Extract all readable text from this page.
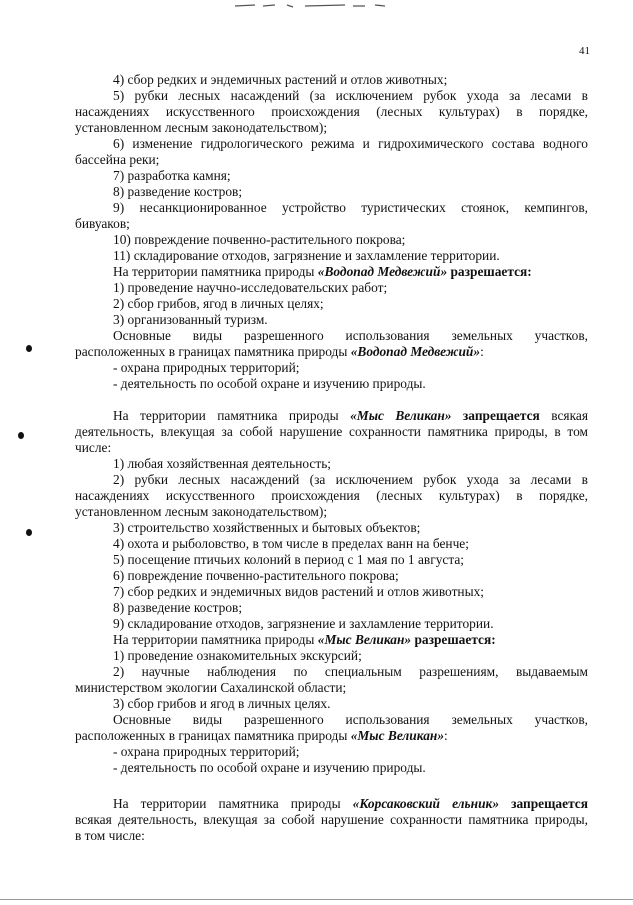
41
4) сбор редких и эндемичных растений и отлов животных;
5) рубки лесных насаждений (за исключением рубок ухода за лесами в
насаждениях искусственного происхождения (лесных культурах) в порядке,
установленном лесным законодательством);
6) изменение гидрологического режима и гидрохимического состава водного
бассейна реки;
7) разработка камня;
8) разведение костров;
9) несанкционированное устройство туристических стоянок, кемпингов,
бивуаков;
10) повреждение почвенно-растительного покрова;
11) складирование отходов, загрязнение и захламление территории.
На территории памятника природы «Водопад Медвежий» разрешается:
1) проведение научно-исследовательских работ;
2) сбор грибов, ягод в личных целях;
3) организованный туризм.
Основные виды разрешенного использования земельных участков,
расположенных в границах памятника природы «Водопад Медвежий»:
- охрана природных территорий;
- деятельность по особой охране и изучению природы.
На территории памятника природы «Мыс Великан» запрещается всякая
деятельность, влекущая за собой нарушение сохранности памятника природы, в том
числе:
1) любая хозяйственная деятельность;
2) рубки лесных насаждений (за исключением рубок ухода за лесами в
насаждениях искусственного происхождения (лесных культурах) в порядке,
установленном лесным законодательством);
3) строительство хозяйственных и бытовых объектов;
4) охота и рыболовство, в том числе в пределах ванн на бенче;
5) посещение птичьих колоний в период с 1 мая по 1 августа;
6) повреждение почвенно-растительного покрова;
7) сбор редких и эндемичных видов растений и отлов животных;
8) разведение костров;
9) складирование отходов, загрязнение и захламление территории.
На территории памятника природы «Мыс Великан» разрешается:
1) проведение ознакомительных экскурсий;
2) научные наблюдения по специальным разрешениям, выдаваемым
министерством экологии Сахалинской области;
3) сбор грибов и ягод в личных целях.
Основные виды разрешенного использования земельных участков,
расположенных в границах памятника природы «Мыс Великан»:
- охрана природных территорий;
- деятельность по особой охране и изучению природы.
На территории памятника природы «Корсаковский ельник» запрещается
всякая деятельность, влекущая за собой нарушение сохранности памятника природы,
в том числе:
